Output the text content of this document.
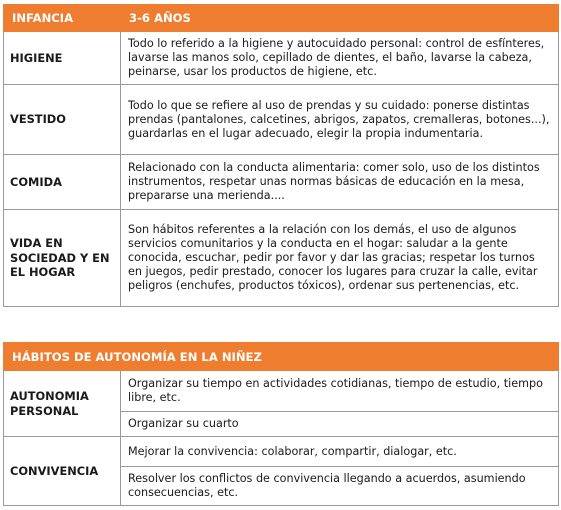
INFANCIA	3-6 AÑOS
HIGIENE	Todo lo referido a la higiene y autocuidado personal: control de esfínteres, lavarse las manos solo, cepillado de dientes, el baño, lavarse la cabeza, peinarse, usar los productos de higiene, etc.
VESTIDO	Todo lo que se refiere al uso de prendas y su cuidado: ponerse distintas prendas (pantalones, calcetines, abrigos, zapatos, cremalleras, botones...), guardarlas en el lugar adecuado, elegir la propia indumentaria.
COMIDA	Relacionado con la conducta alimentaria: comer solo, uso de los distintos instrumentos, respetar unas normas básicas de educación en la mesa, prepararse una merienda....
VIDA EN SOCIEDAD Y EN EL HOGAR	Son hábitos referentes a la relación con los demás, el uso de algunos servicios comunitarios y la conducta en el hogar: saludar a la gente conocida, escuchar, pedir por favor y dar las gracias; respetar los turnos en juegos, pedir prestado, conocer los lugares para cruzar la calle, evitar peligros (enchufes, productos tóxicos), ordenar sus pertenencias, etc.
HÁBITOS DE AUTONOMÍA EN LA NIÑEZ	
AUTONOMIA PERSONAL	Organizar su tiempo en actividades cotidianas, tiempo de estudio, tiempo libre, etc.
	Organizar su cuarto
CONVIVENCIA	Mejorar la convivencia: colaborar, compartir, dialogar, etc.
	Resolver los conflictos de convivencia llegando a acuerdos, asumiendo consecuencias, etc.
